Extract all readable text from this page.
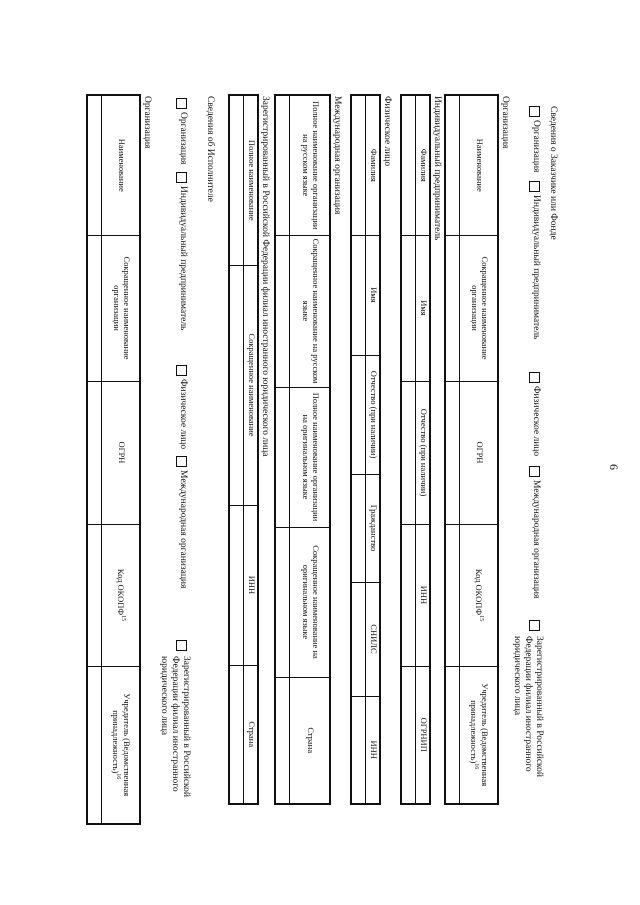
6
Сведения о Заказчике или Фонде
Организация
Индивидуальный предприниматель
Физическое лицо
Международная организация
Зарегистрированный в Российской
Федерации филиал иностранного
юридического лица
Организация
Наименование	Сокращенное наименование организации	ОГРН	Код ОКОПФ$^{15}$	Учредитель (Ведомственная принадлежность)$^{16}$

Индивидуальный предприниматель
Фамилия	Имя	Отчество (при наличии)	ИНН	ОГРНИП

Физическое лицо
Фамилия	Имя	Отчество (при наличии)	Гражданство	СНИЛС	ИНН

Международная организация
Полное наименование организации на русском языке	Сокращенное наименование на русском языке	Полное наименование организации на оригинальном языке	Сокращенное наименование на оригинальном языке	Страна

Зарегистрированный в Российской Федерации филиал иностранного юридического лица
Полное наименование	Сокращенное наименование	ИНН	Страна

Сведения об Исполнителе
Организация
Индивидуальный предприниматель
Физическое лицо
Международная организация
Зарегистрированный в Российской
Федерации филиал иностранного
юридического лица
Организация
Наименование	Сокращенное наименование организации	ОГРН	Код ОКОПФ$^{15}$	Учредитель (Ведомственная принадлежность)$^{16}$
